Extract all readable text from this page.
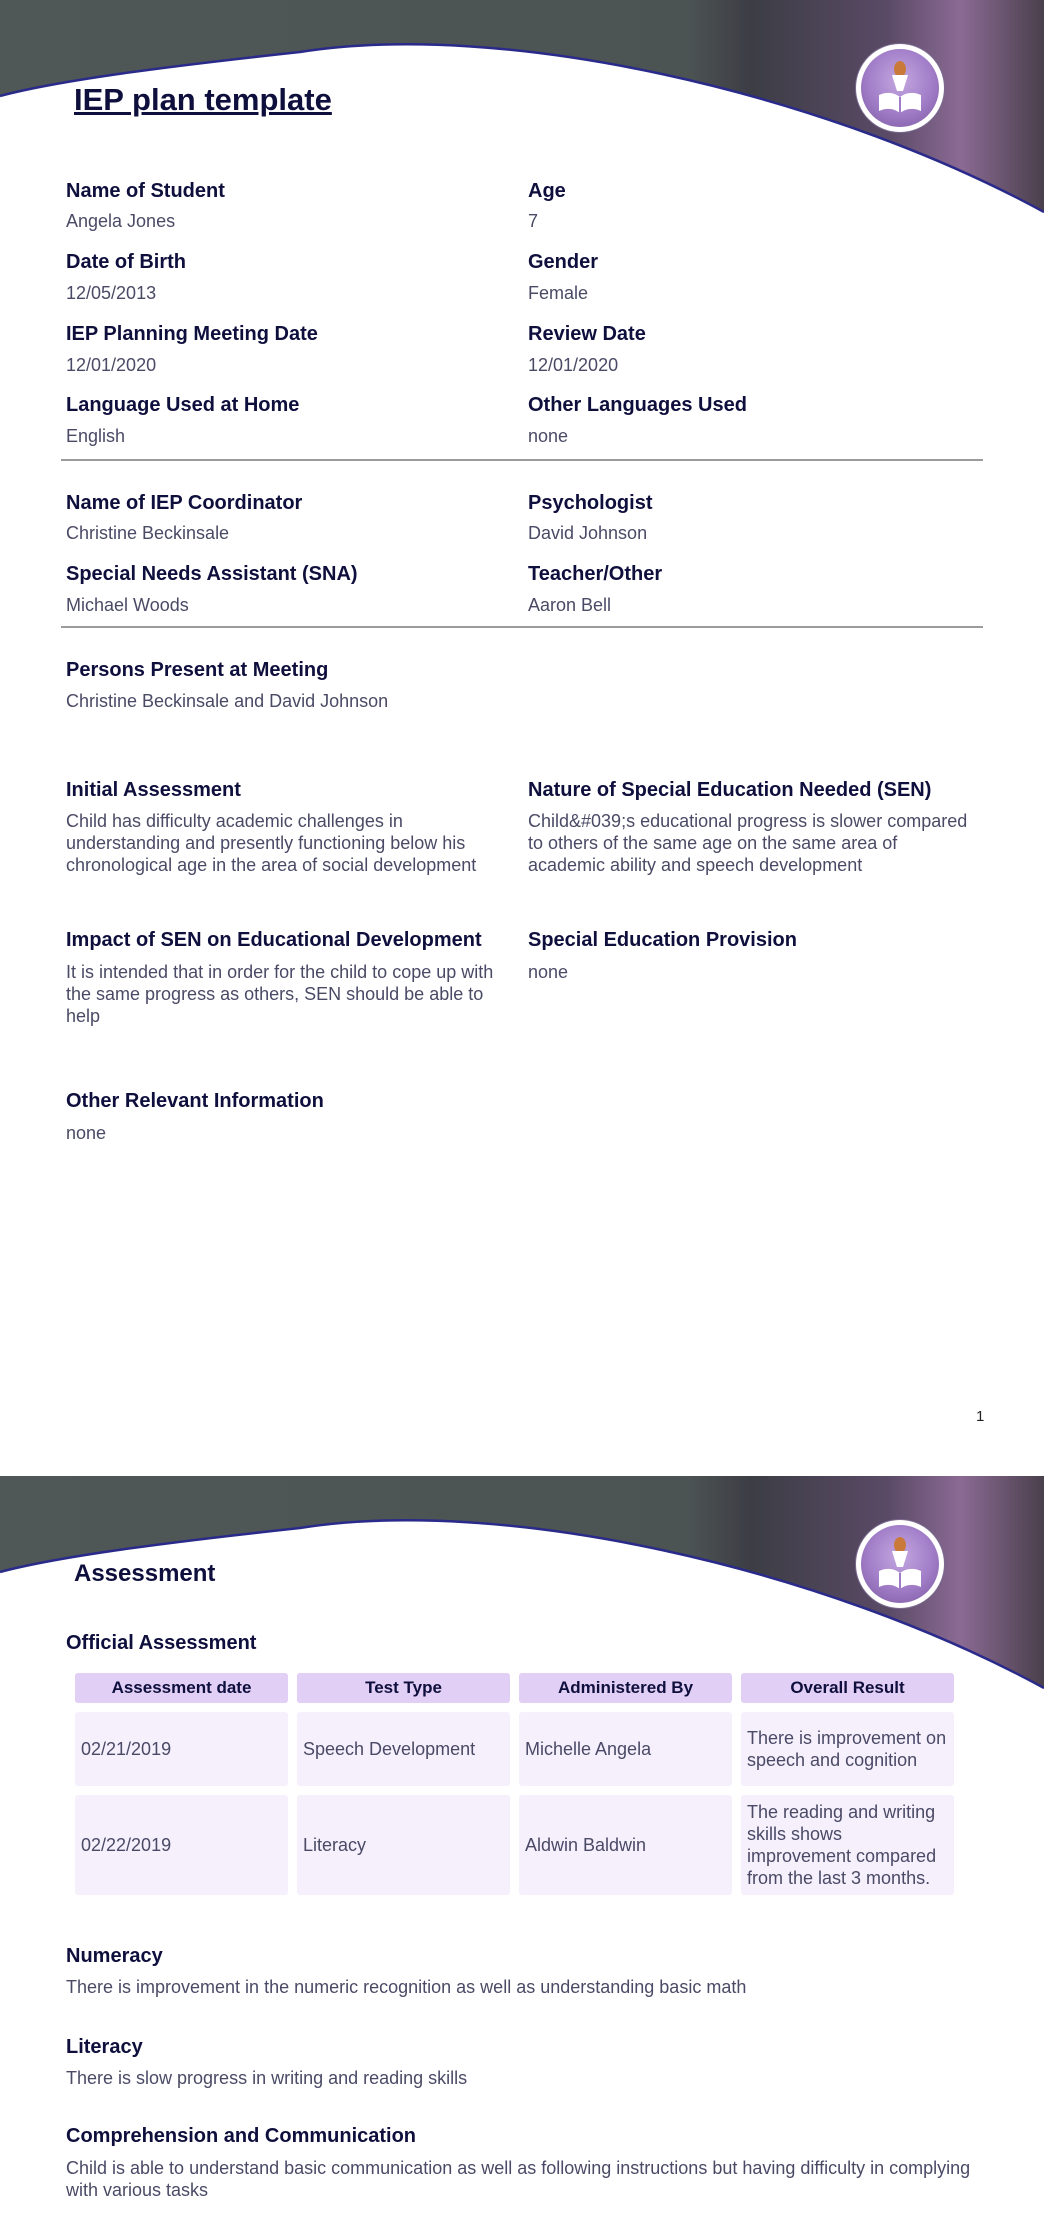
IEP plan template
Name of Student
Angela Jones
Age
7
Date of Birth
12/05/2013
Gender
Female
IEP Planning Meeting Date
12/01/2020
Review Date
12/01/2020
Language Used at Home
English
Other Languages Used
none
Name of IEP Coordinator
Christine Beckinsale
Psychologist
David Johnson
Special Needs Assistant (SNA)
Michael Woods
Teacher/Other
Aaron Bell
Persons Present at Meeting
Christine Beckinsale and David Johnson
Initial Assessment
Child has difficulty academic challenges in understanding and presently functioning below his chronological age in the area of social development
Nature of Special Education Needed (SEN)
Child&#039;s educational progress is slower compared to others of the same age on the same area of academic ability and speech development
Impact of SEN on Educational Development
It is intended that in order for the child to cope up with the same progress as others, SEN should be able to help
Special Education Provision
none
Other Relevant Information
none
1
Assessment
Official Assessment
Assessment date	Test Type	Administered By	Overall Result
02/21/2019	Speech Development	Michelle Angela	There is improvement on speech and cognition
02/22/2019	Literacy	Aldwin Baldwin	The reading and writing skills shows improvement compared from the last 3 months.
Numeracy
There is improvement in the numeric recognition as well as understanding basic math
Literacy
There is slow progress in writing and reading skills
Comprehension and Communication
Child is able to understand basic communication as well as following instructions but having difficulty in complying with various tasks
